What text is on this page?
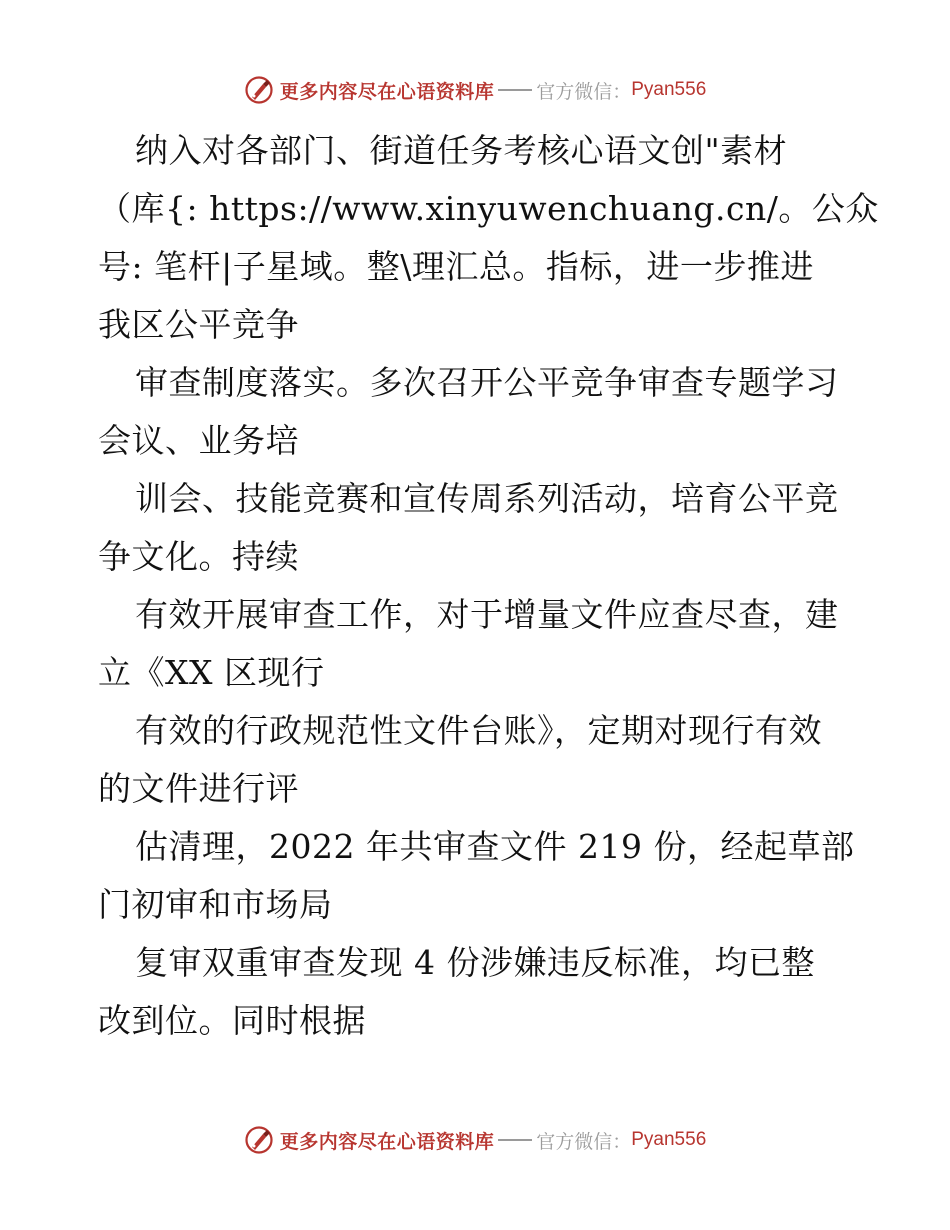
更多内容尽在心语资料库 官方微信： Pyan556
纳入对各部门、街道任务考核心语文创"素材
（库{: https://www.xinyuwenchuang.cn/。公众
号: 笔杆|子星域。整\理汇总。指标，进一步推进
我区公平竞争
审查制度落实。多次召开公平竞争审查专题学习
会议、业务培
训会、技能竞赛和宣传周系列活动，培育公平竞
争文化。持续
有效开展审查工作，对于增量文件应查尽查，建
立《XX 区现行
有效的行政规范性文件台账》，定期对现行有效
的文件进行评
估清理，2022 年共审查文件 219 份，经起草部
门初审和市场局
复审双重审查发现 4 份涉嫌违反标准，均已整
改到位。同时根据
更多内容尽在心语资料库 官方微信： Pyan556
